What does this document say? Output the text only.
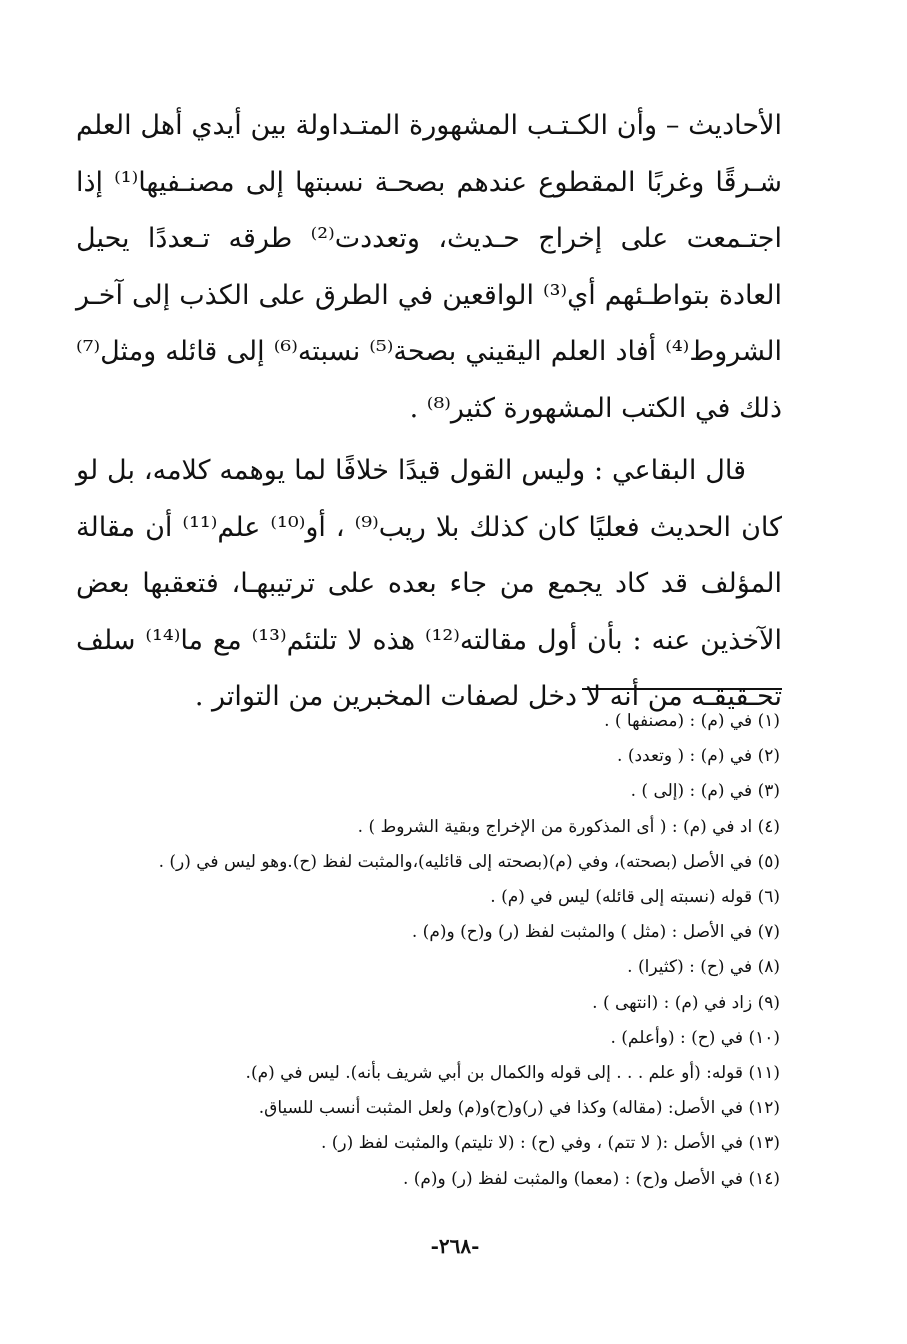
الأحاديث – وأن الكـتـب المشهورة المتـداولة بين أيدي أهل العلم شـرقًا وغربًا المقطوع عندهم بصحـة نسبتها إلى مصنـفيها⁽¹⁾ إذا اجتـمعت على إخراج حـديث، وتعددت⁽²⁾ طرقه تـعددًا يحيل العادة بتواطـئهم أي⁽³⁾ الواقعين في الطرق على الكذب إلى آخـر الشروط⁽⁴⁾ أفاد العلم اليقيني بصحة⁽⁵⁾ نسبته⁽⁶⁾ إلى قائله ومثل⁽⁷⁾ ذلك في الكتب المشهورة كثير⁽⁸⁾ .

قال البقاعي : وليس القول قيدًا خلافًا لما يوهمه كلامه، بل لو كان الحديث فعليًا كان كذلك بلا ريب⁽⁹⁾ ، أو⁽¹⁰⁾ علم⁽¹¹⁾ أن مقالة المؤلف قد كاد يجمع من جاء بعده على ترتيبهـا، فتعقبها بعض الآخذين عنه : بأن أول مقالته⁽¹²⁾ هذه لا تلتئم⁽¹³⁾ مع ما⁽¹⁴⁾ سلف تحـقيقـه من أنه لا دخل لصفات المخبرين من التواتر .

(١) في (م) : (مصنفها ) .
(٢) في (م) : ( وتعدد) .
(٣) في (م) : (إلى ) .
(٤) اد في (م) : ( أى المذكورة من الإخراج وبقية الشروط ) .
(٥) في الأصل (بصحته)، وفي (م)(بصحته إلى قائليه)،والمثبت لفظ (ح).وهو ليس في (ر) .
(٦) قوله (نسبته إلى قائله) ليس في (م) .
(٧) في الأصل : (مثل ) والمثبت لفظ (ر) و(ح) و(م) .
(٨) في (ح) : (كثيرا) .
(٩) زاد في (م) : (انتهى ) .
(١٠) في (ح) : (وأعلم) .
(١١) قوله: (أو علم . . . إلى قوله والكمال بن أبي شريف بأنه). ليس في (م).
(١٢) في الأصل: (مقاله) وكذا في (ر)و(ح)و(م) ولعل المثبت أنسب للسياق.
(١٣) في الأصل :( لا تتم) ، وفي (ح) : (لا تليتم) والمثبت لفظ (ر) .
(١٤) في الأصل و(ح) : (معما) والمثبت لفظ (ر) و(م) .
-٢٦٨-
